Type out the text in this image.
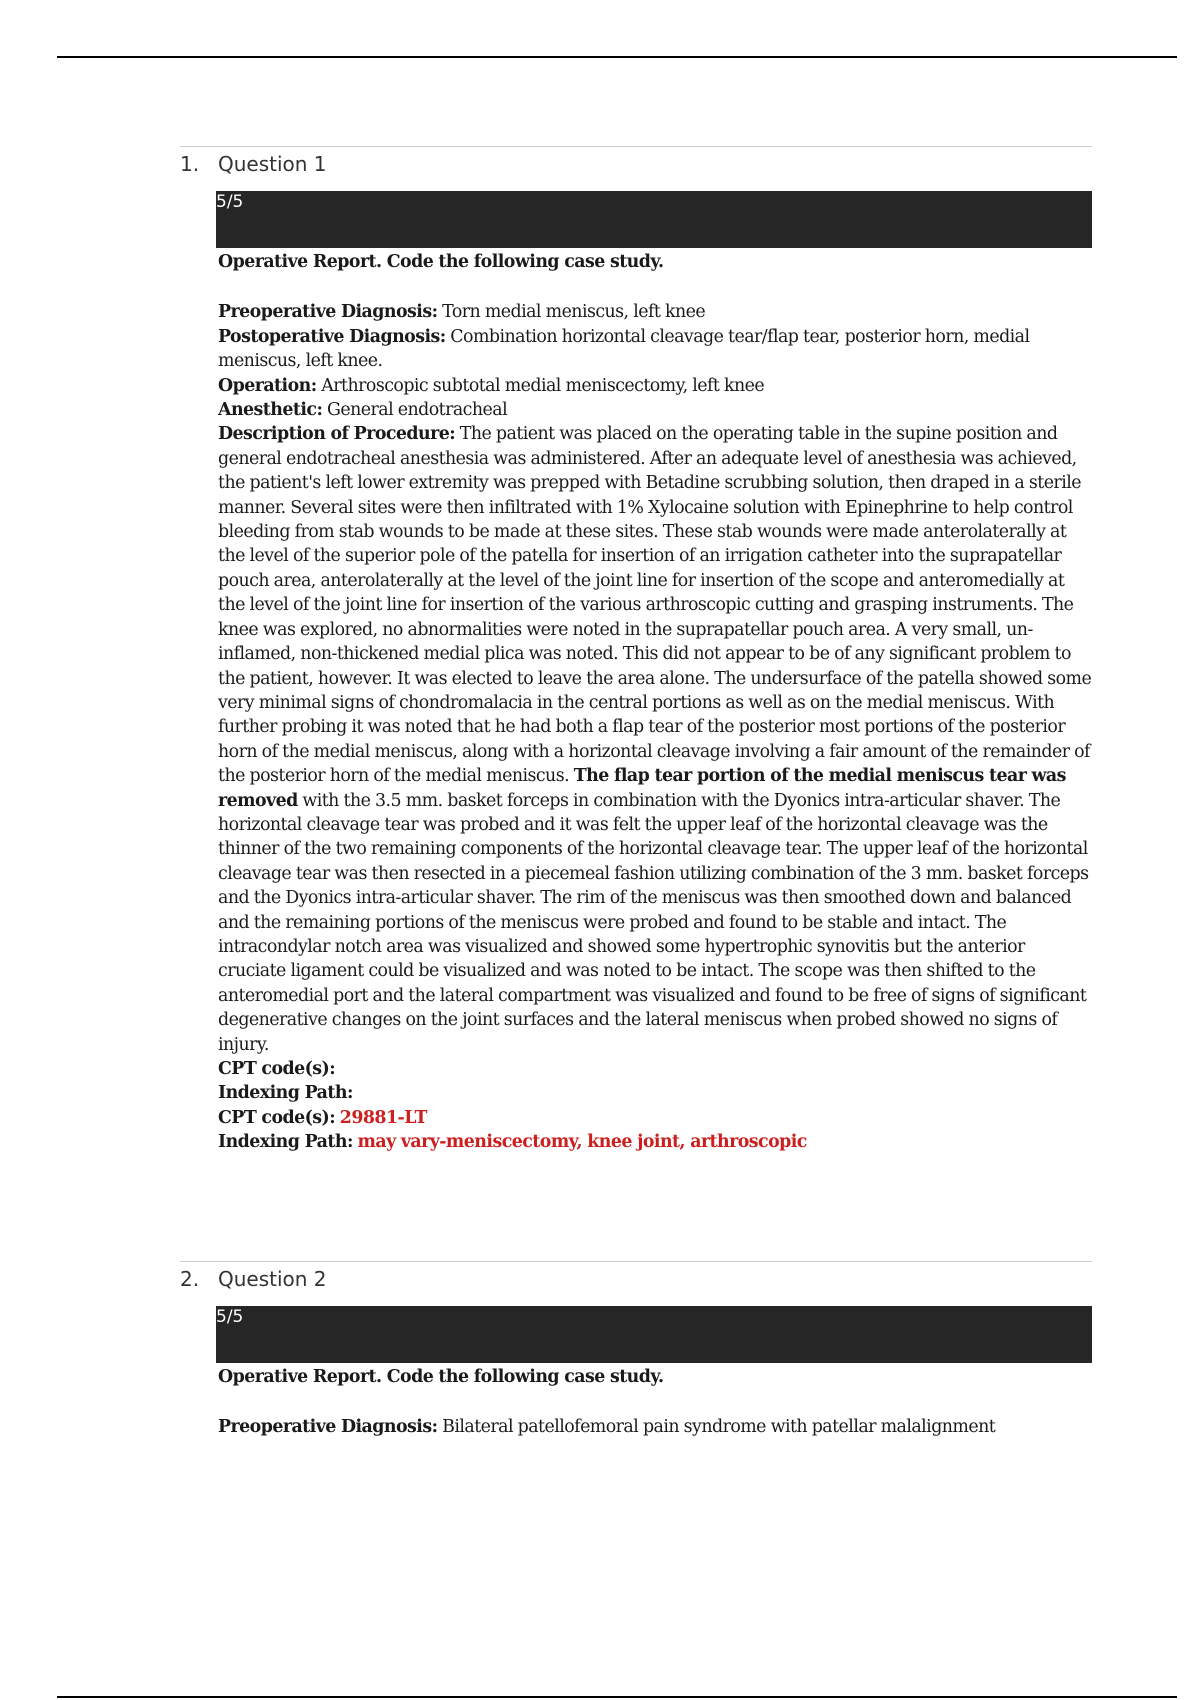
1. Question 1
5/5

Operative Report. Code the following case study.

Preoperative Diagnosis: Torn medial meniscus, left knee

Postoperative Diagnosis: Combination horizontal cleavage tear/flap tear, posterior horn, medial meniscus, left knee.

Operation: Arthroscopic subtotal medial meniscectomy, left knee

Anesthetic: General endotracheal

Description of Procedure: The patient was placed on the operating table in the supine position and general endotracheal anesthesia was administered. After an adequate level of anesthesia was achieved, the patient's left lower extremity was prepped with Betadine scrubbing solution, then draped in a sterile manner. Several sites were then infiltrated with 1% Xylocaine solution with Epinephrine to help control bleeding from stab wounds to be made at these sites. These stab wounds were made anterolaterally at the level of the superior pole of the patella for insertion of an irrigation catheter into the suprapatellar pouch area, anterolaterally at the level of the joint line for insertion of the scope and anteromedially at the level of the joint line for insertion of the various arthroscopic cutting and grasping instruments. The knee was explored, no abnormalities were noted in the suprapatellar pouch area. A very small, un-inflamed, non-thickened medial plica was noted. This did not appear to be of any significant problem to the patient, however. It was elected to leave the area alone. The undersurface of the patella showed some very minimal signs of chondromalacia in the central portions as well as on the medial meniscus. With further probing it was noted that he had both a flap tear of the posterior most portions of the posterior horn of the medial meniscus, along with a horizontal cleavage involving a fair amount of the remainder of the posterior horn of the medial meniscus. The flap tear portion of the medial meniscus tear was removed with the 3.5 mm. basket forceps in combination with the Dyonics intra-articular shaver. The horizontal cleavage tear was probed and it was felt the upper leaf of the horizontal cleavage was the thinner of the two remaining components of the horizontal cleavage tear. The upper leaf of the horizontal cleavage tear was then resected in a piecemeal fashion utilizing combination of the 3 mm. basket forceps and the Dyonics intra-articular shaver. The rim of the meniscus was then smoothed down and balanced and the remaining portions of the meniscus were probed and found to be stable and intact. The intracondylar notch area was visualized and showed some hypertrophic synovitis but the anterior cruciate ligament could be visualized and was noted to be intact. The scope was then shifted to the anteromedial port and the lateral compartment was visualized and found to be free of signs of significant degenerative changes on the joint surfaces and the lateral meniscus when probed showed no signs of injury.

CPT code(s):

Indexing Path:

CPT code(s): 29881-LT

Indexing Path: may vary-meniscectomy, knee joint, arthroscopic

2. Question 2
5/5

Operative Report. Code the following case study.

Preoperative Diagnosis: Bilateral patellofemoral pain syndrome with patellar malalignment
